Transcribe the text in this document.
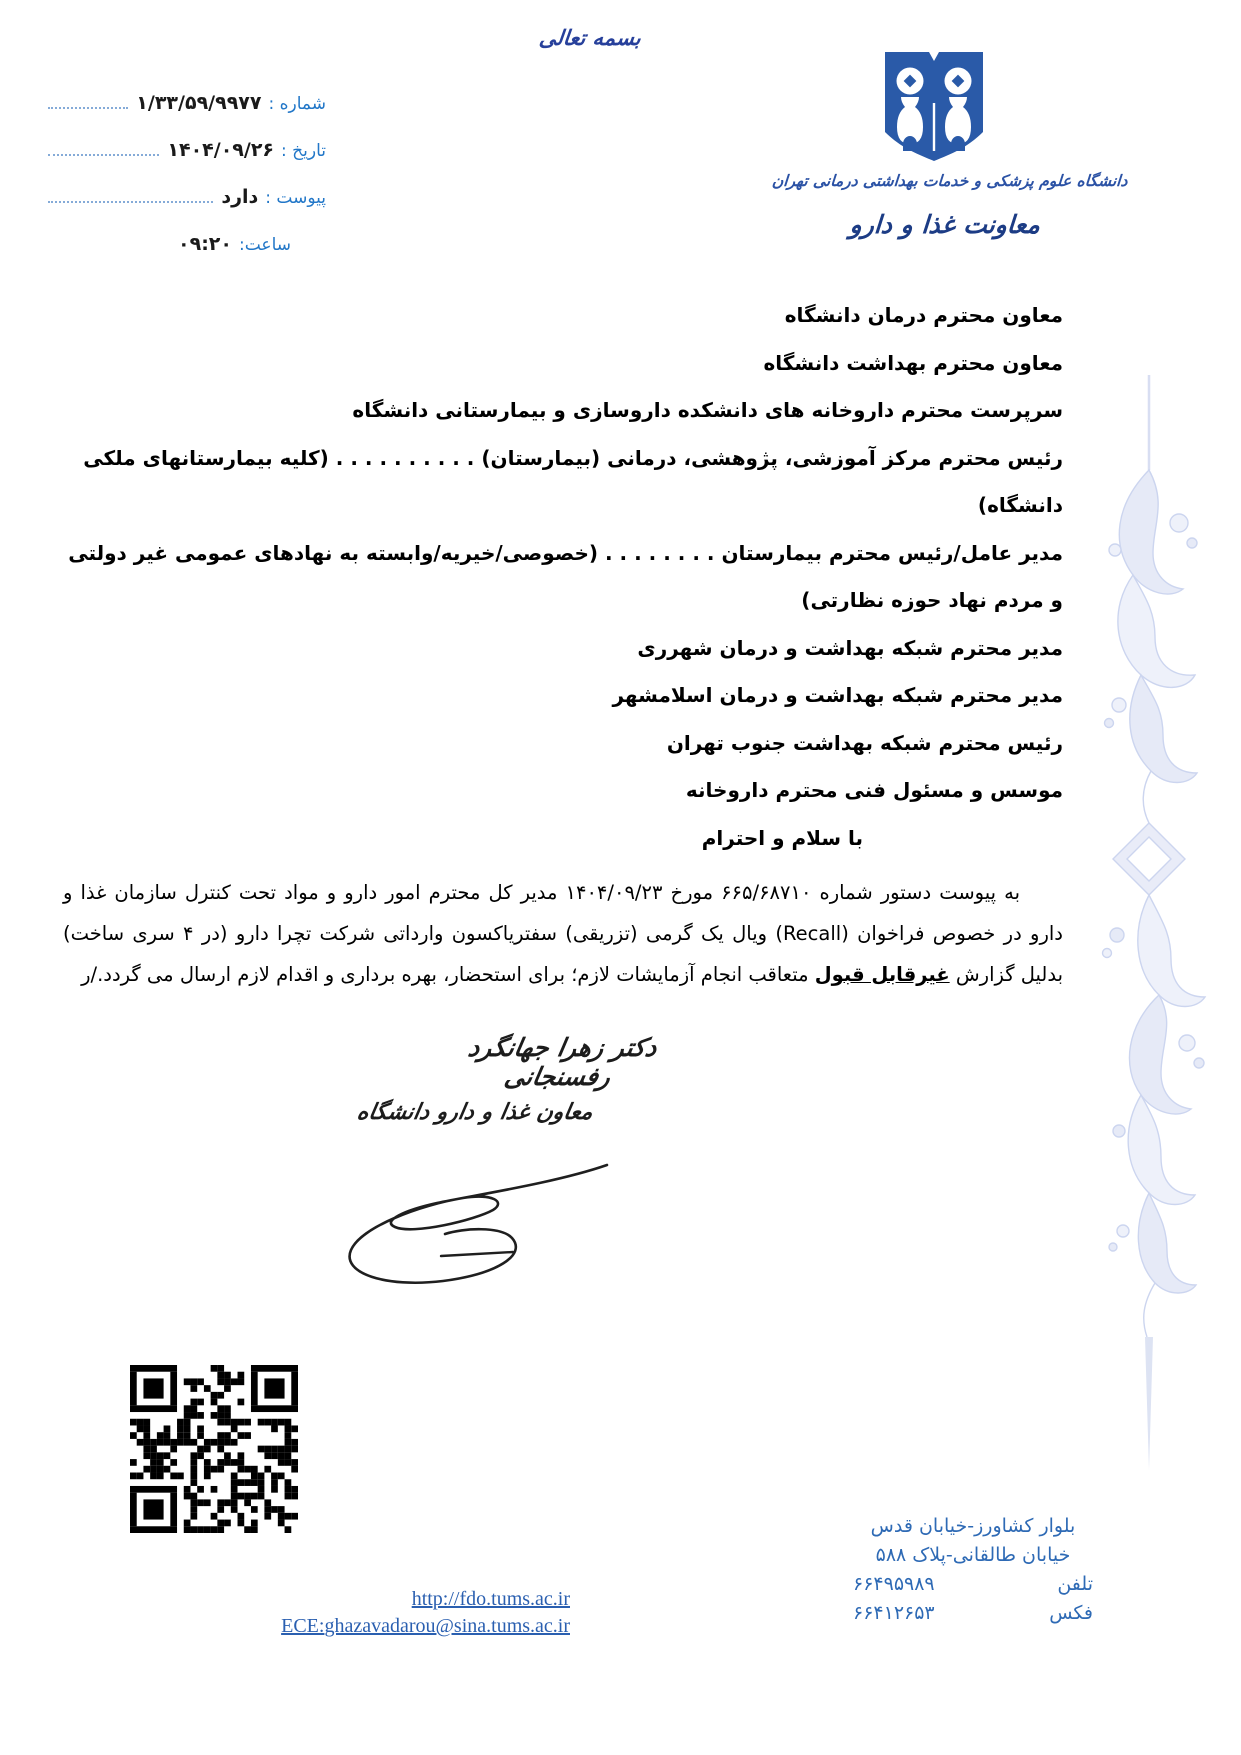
بسمه تعالی
شماره :
۱/۳۳/۵۹/۹۹۷۷
تاریخ :
۱۴۰۴/۰۹/۲۶
پیوست :
دارد
ساعت:
۰۹:۲۰
دانشگاه علوم پزشکی و خدمات بهداشتی درمانی تهران
معاونت غذا و دارو
معاون محترم درمان دانشگاه
معاون محترم بهداشت دانشگاه
سرپرست محترم داروخانه های دانشکده داروسازی و بیمارستانی دانشگاه
رئیس محترم مرکز آموزشی، پژوهشی، درمانی (بیمارستان) . . . . . . . . . . (کلیه بیمارستانهای ملکی دانشگاه)
مدیر عامل/رئیس محترم بیمارستان . . . . . . . . (خصوصی/خیریه/وابسته به نهادهای عمومی غیر دولتی و مردم نهاد حوزه نظارتی)
مدیر محترم شبکه بهداشت و درمان شهرری
مدیر محترم شبکه بهداشت و درمان اسلامشهر
رئیس محترم شبکه بهداشت جنوب تهران
موسس و مسئول فنی محترم داروخانه
با سلام و احترام
به پیوست دستور شماره ۶۶۵/۶۸۷۱۰ مورخ ۱۴۰۴/۰۹/۲۳ مدیر کل محترم امور دارو و مواد تحت کنترل سازمان غذا و دارو در خصوص فراخوان (Recall) ویال یک گرمی (تزریقی) سفتریاکسون وارداتی شرکت تچرا دارو (در ۴ سری ساخت) بدلیل گزارش غیرقابل قبول متعاقب انجام آزمایشات لازم؛ برای استحضار، بهره برداری و اقدام لازم ارسال می گردد./ر
دکتر زهرا جهانگرد رفسنجانی
معاون غذا و دارو دانشگاه
بلوار کشاورز-خیابان قدس
خیابان طالقانی-پلاک ۵۸۸
تلفن
۶۶۴۹۵۹۸۹
فکس
۶۶۴۱۲۶۵۳
http://fdo.tums.ac.ir
ECE:ghazavadarou@sina.tums.ac.ir
